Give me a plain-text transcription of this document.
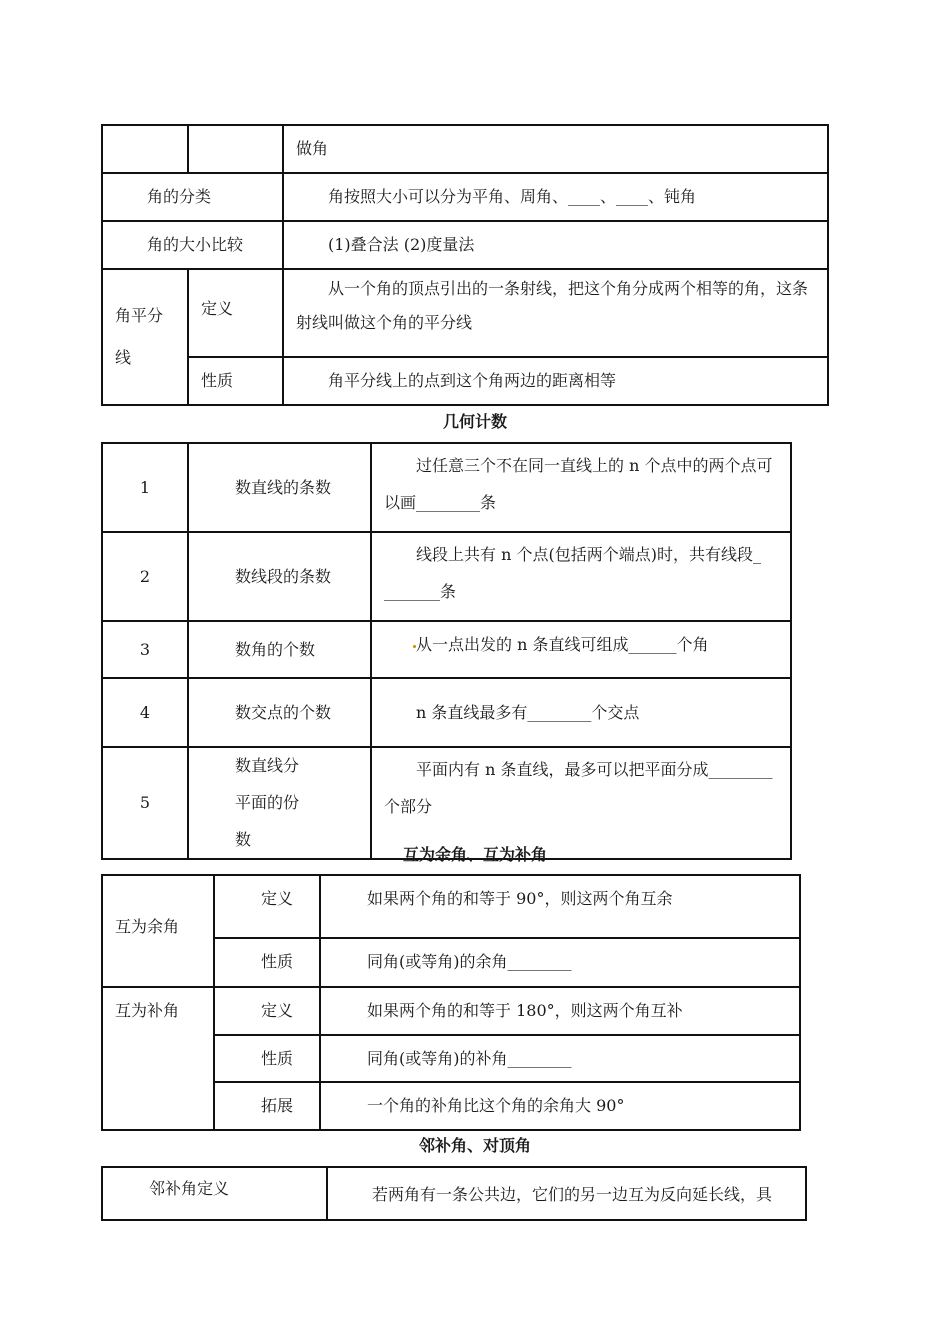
		做角
角的分类		角按照大小可以分为平角、周角、____、____、钝角
角的大小比较		(1)叠合法 (2)度量法
角平分线	定义	从一个角的顶点引出的一条射线，把这个角分成两个相等的角，这条射线叫做这个角的平分线
	性质	角平分线上的点到这个角两边的距离相等
几何计数
1	数直线的条数	过任意三个不在同一直线上的 n 个点中的两个点可以画________条
2	数线段的条数	线段上共有 n 个点(包括两个端点)时，共有线段_ _______条
3	数角的个数	从一点出发的 n 条直线可组成______个角
4	数交点的个数	n 条直线最多有________个交点
5	数直线分平面的份数	平面内有 n 条直线，最多可以把平面分成________个部分
互为余角、互为补角
互为余角	定义	如果两个角的和等于 90°，则这两个角互余
	性质	同角(或等角)的余角________
互为补角	定义	如果两个角的和等于 180°，则这两个角互补
	性质	同角(或等角)的补角________
	拓展	一个角的补角比这个角的余角大 90°
邻补角、对顶角
邻补角定义	若两角有一条公共边，它们的另一边互为反向延长线，具
